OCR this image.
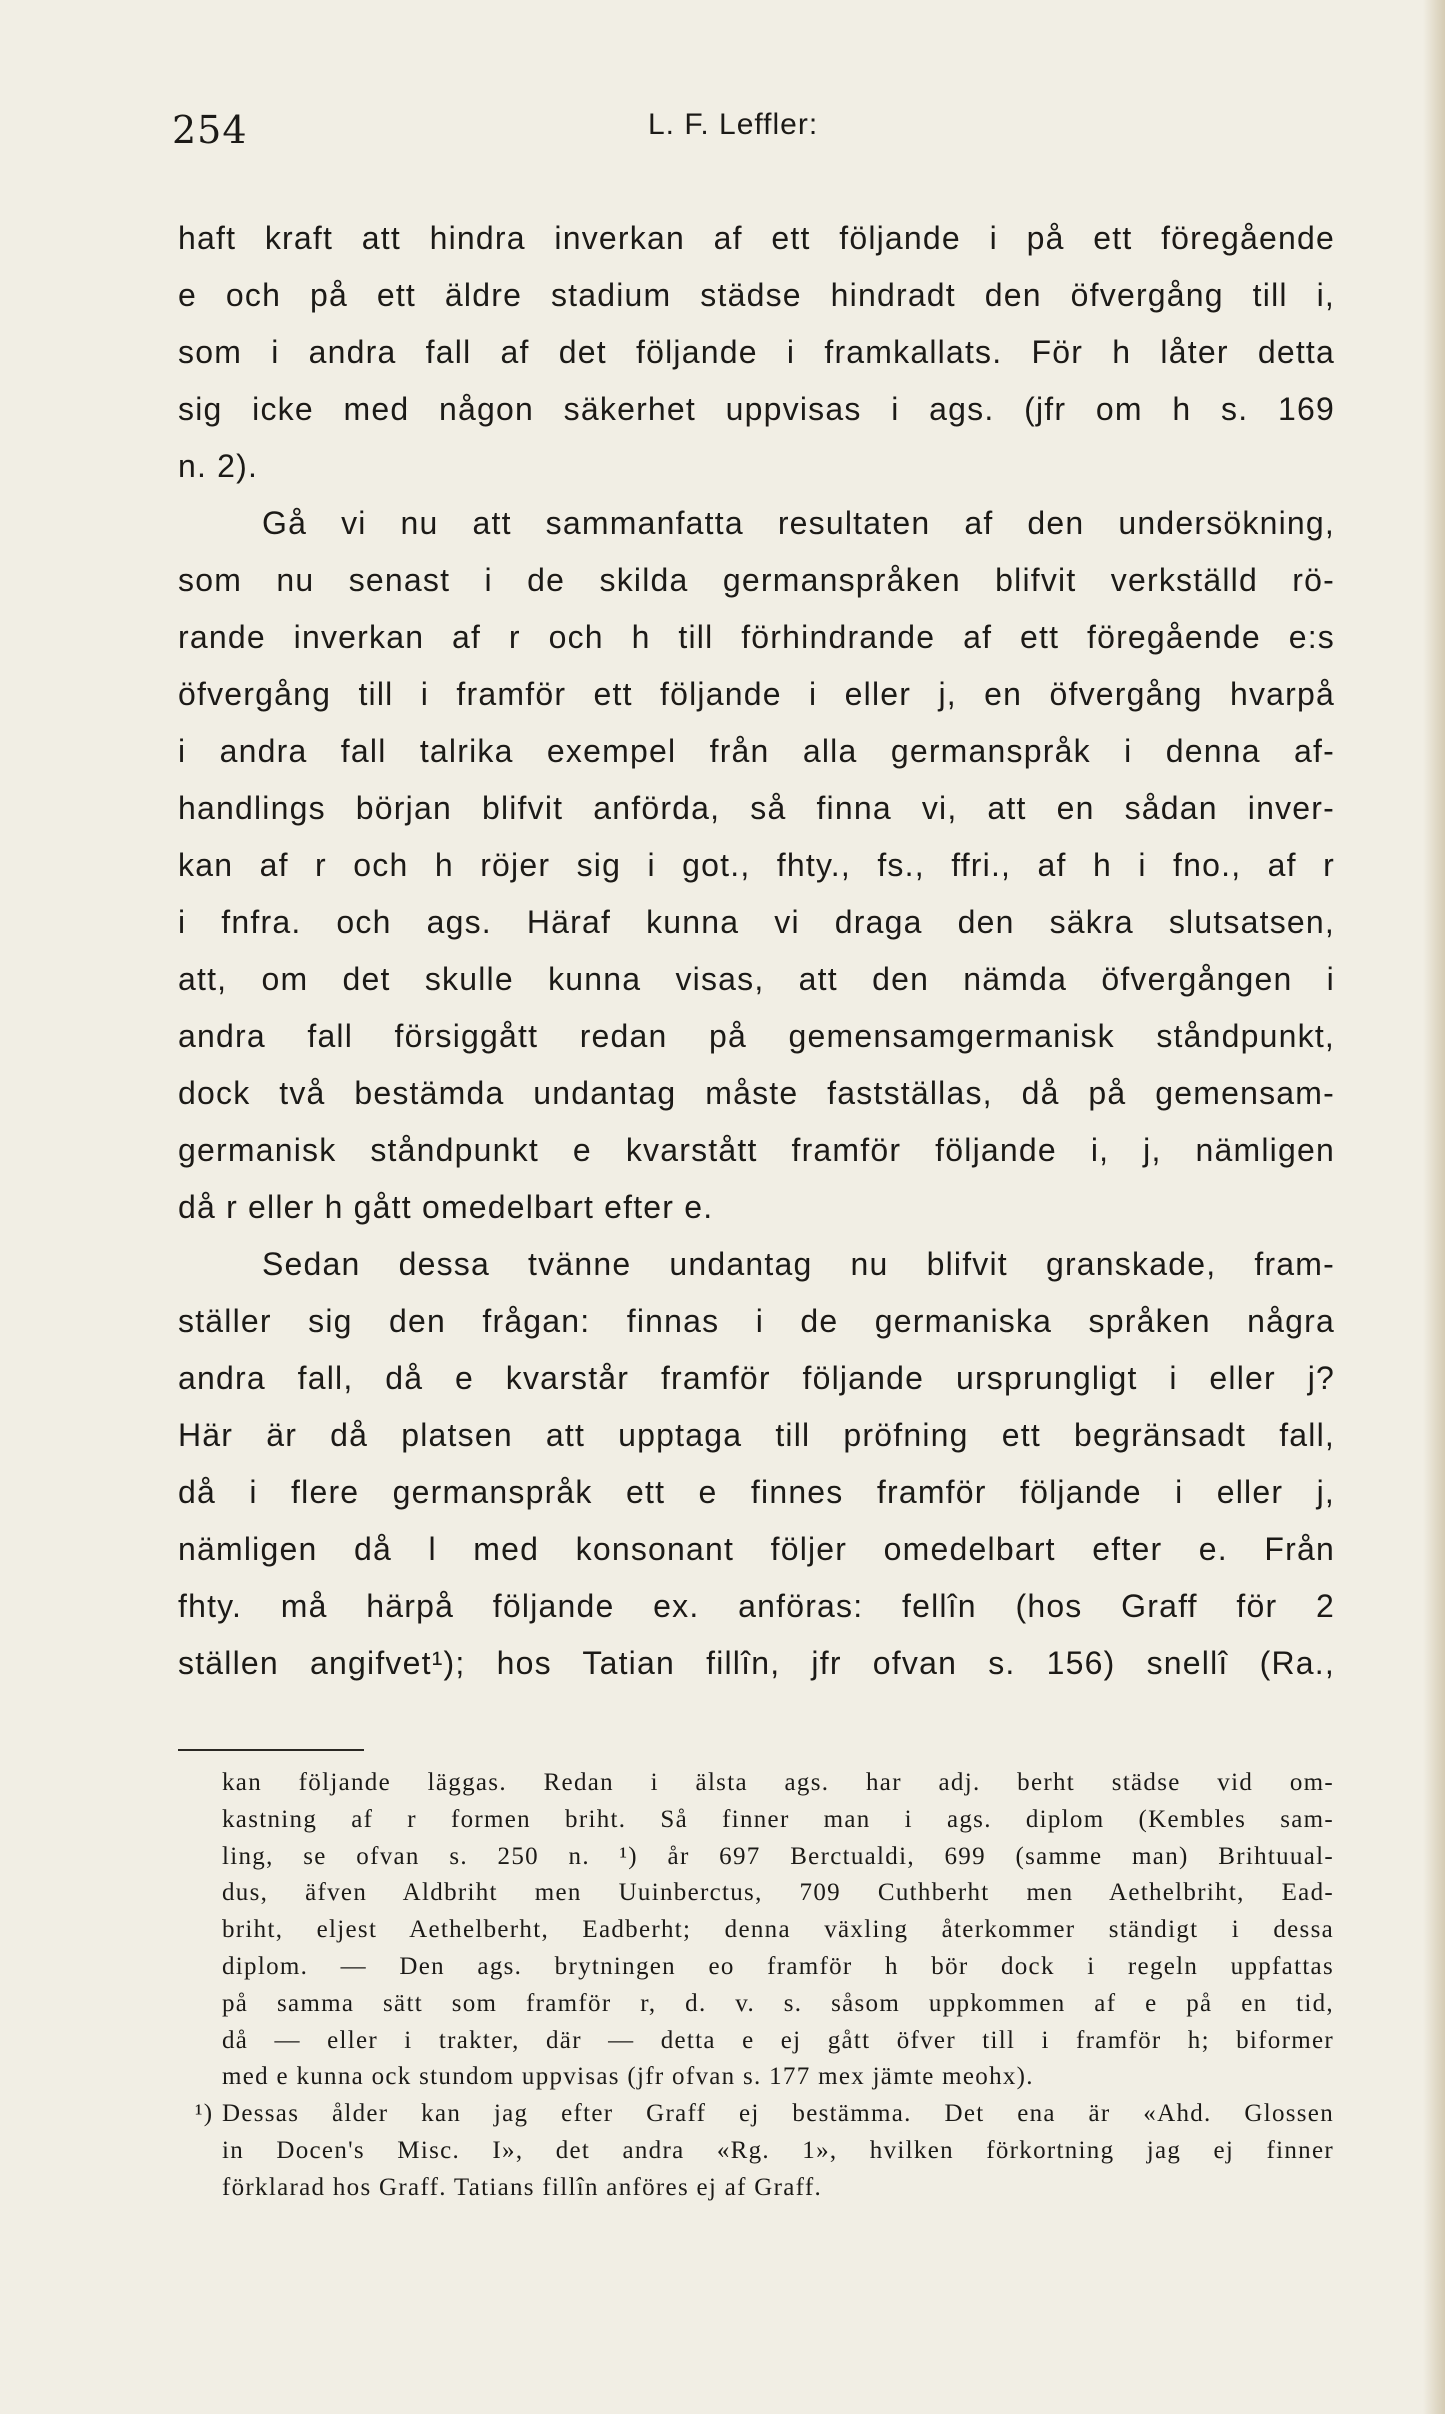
254	L. F. Leffler:
haft kraft att hindra inverkan af ett följande i på ett föregående
e och på ett äldre stadium städse hindradt den öfvergång till i,
som i andra fall af det följande i framkallats. För h låter detta
sig icke med någon säkerhet uppvisas i ags. (jfr om h s. 169
n. 2).
Gå vi nu att sammanfatta resultaten af den undersökning,
som nu senast i de skilda germanspråken blifvit verkställd rö-
rande inverkan af r och h till förhindrande af ett föregående e:s
öfvergång till i framför ett följande i eller j, en öfvergång hvarpå
i andra fall talrika exempel från alla germanspråk i denna af-
handlings början blifvit anförda, så finna vi, att en sådan inver-
kan af r och h röjer sig i got., fhty., fs., ffri., af h i fno., af r
i fnfra. och ags. Häraf kunna vi draga den säkra slutsatsen,
att, om det skulle kunna visas, att den nämda öfvergången i
andra fall försiggått redan på gemensamgermanisk ståndpunkt,
dock två bestämda undantag måste fastställas, då på gemensam-
germanisk ståndpunkt e kvarstått framför följande i, j, nämligen
då r eller h gått omedelbart efter e.
Sedan dessa tvänne undantag nu blifvit granskade, fram-
ställer sig den frågan: finnas i de germaniska språken några
andra fall, då e kvarstår framför följande ursprungligt i eller j?
Här är då platsen att upptaga till pröfning ett begränsadt fall,
då i flere germanspråk ett e finnes framför följande i eller j,
nämligen då l med konsonant följer omedelbart efter e. Från
fhty. må härpå följande ex. anföras: fellîn (hos Graff för 2
ställen angifvet¹); hos Tatian fillîn, jfr ofvan s. 156) snellî (Ra.,
kan följande läggas. Redan i älsta ags. har adj. berht städse vid om-
kastning af r formen briht. Så finner man i ags. diplom (Kembles sam-
ling, se ofvan s. 250 n. ¹) år 697 Berctualdi, 699 (samme man) Brihtuual-
dus, äfven Aldbriht men Uuinberctus, 709 Cuthberht men Aethelbriht, Ead-
briht, eljest Aethelberht, Eadberht; denna växling återkommer ständigt i dessa
diplom. — Den ags. brytningen eo framför h bör dock i regeln uppfattas
på samma sätt som framför r, d. v. s. såsom uppkommen af e på en tid,
då — eller i trakter, där — detta e ej gått öfver till i framför h; biformer
med e kunna ock stundom uppvisas (jfr ofvan s. 177 mex jämte meohx).
¹) Dessas ålder kan jag efter Graff ej bestämma. Det ena är «Ahd. Glossen
in Docen's Misc. I», det andra «Rg. 1», hvilken förkortning jag ej finner
förklarad hos Graff. Tatians fillîn anföres ej af Graff.
